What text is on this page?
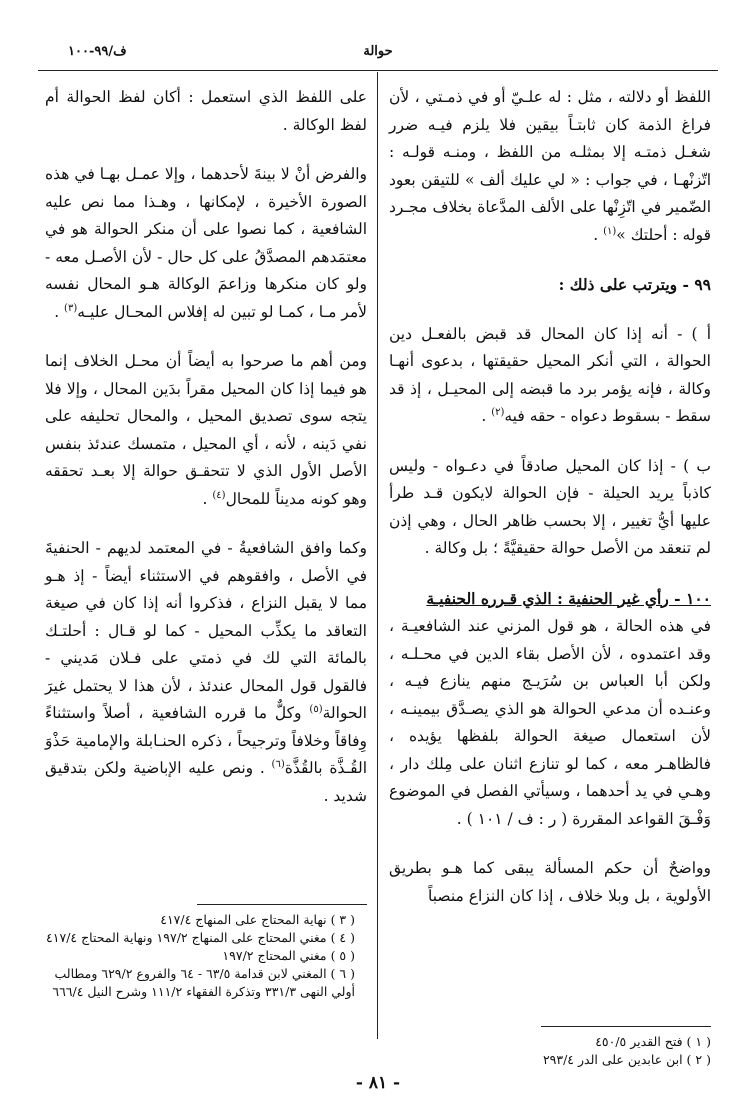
حوالة
ف/٩٩-١٠٠

اللفظ أو دلالته ، مثل : له علـيّ أو في ذمـتي ، لأن فراغ الذمة كان ثابتـاً بيقين فلا يلزم فيـه ضرر شغـل ذمتـه إلا بمثلـه من اللفظ ، ومنـه قولـه : اتّزنْهـا ، في جواب : « لي عليك ألف » للتيقن بعود الضّمير في اتّزِنْها على الألف المدَّعاة بخلاف مجـرد قوله : أحلتك »$^{(١)}$ .

٩٩ - ويترتب على ذلك :

أ ) - أنه إذا كان المحال قد قبض بالفعـل دين الحوالة ، التي أنكر المحيل حقيقتها ، بدعوى أنهـا وكالة ، فإنه يؤمر برد ما قبضه إلى المحيـل ، إذ قد سقط - بسقوط دعواه - حقه فيه$^{(٢)}$ .

ب ) - إذا كان المحيل صادقاً في دعـواه - وليس كاذباً يريد الحيلة - فإن الحوالة لايكون قـد طرأ عليها أيُّ تغيير ، إلا بحسب ظاهر الحال ، وهي إذن لم تنعقد من الأصل حوالة حقيقيَّةً ؛ بل وكالة .

١٠٠ - رأي غير الحنفية : الذي قـرره الحنفيـة

في هذه الحالة ، هو قول المزني عند الشافعيـة ، وقد اعتمدوه ، لأن الأصل بقاء الدين في محـلـه ، ولكن أبا العباس بن سُرَيـج منهم ينازع فيـه ، وعنـده أن مدعي الحوالة هو الذي يصـدَّق بيمينـه ، لأن استعمال صيغة الحوالة بلفظها يؤيده ، فالظاهـر معه ، كما لو تنازع اثنان على مِلك دار ، وهـي في يد أحدهما ، وسيأتي الفصل في الموضوع وَفْـقَ القواعد المقررة ( ر : ف / ١٠١ ) .

وواضحٌ أن حكم المسألة يبقى كما هـو بطريق الأولوية ، بل وبلا خلاف ، إذا كان النزاع منصباً

على اللفظ الذي استعمل : أكان لفظ الحوالة أم لفظ الوكالة .

والفرض أنْ لا بينةَ لأحدهما ، وإلا عمـل بهـا في هذه الصورة الأخيرة ، لإمكانها ، وهـذا مما نص عليه الشافعية ، كما نصوا على أن منكر الحوالة هو في معتمَدهم المصدَّقُ على كل حال - لأن الأصـل معه - ولو كان منكرها وزاعمَ الوكالة هـو المحال نفسه لأمر مـا ، كمـا لو تبين له إفلاس المحـال عليـه$^{(٣)}$ .

ومن أهم ما صرحوا به أيضاً أن محـل الخلاف إنما هو فيما إذا كان المحيل مقراً بدَين المحال ، وإلا فلا يتجه سوى تصديق المحيل ، والمحال تحليفه على نفي دَينه ، لأنه ، أي المحيل ، متمسك عندئذ بنفس الأصل الأول الذي لا تتحقـق حوالة إلا بعـد تحققه وهو كونه مديناً للمحال$^{(٤)}$ .

وكما وافق الشافعيةُ - في المعتمد لديهم - الحنفيةَ في الأصل ، وافقوهم في الاستثناء أيضاً - إذ هـو مما لا يقبل النزاع ، فذكروا أنه إذا كان في صيغة التعاقد ما يكذِّب المحيل - كما لو قـال : أحلتـك بالمائة التي لك في ذمتي على فـلان مَديني - فالقول قول المحال عندئذ ، لأن هذا لا يحتمل غيرَ الحوالة$^{(٥)}$ وكلٌّ ما قرره الشافعية ، أصلاً واستثناءً وِفاقاً وخلافاً وترجيحاً ، ذكره الحنـابلة والإمامية حَذْوَ القُـذَّة بالقُذَّة$^{(٦)}$ . ونص عليه الإباضية ولكن بتدقيق شديد .

( ٣ ) نهاية المحتاج على المنهاج ٤١٧/٤
( ٤ ) مغني المحتاج على المنهاج ١٩٧/٢ ونهاية المحتاج ٤١٧/٤
( ٥ ) مغني المحتاج ١٩٧/٢
( ٦ ) المغني لابن قدامة ٦٣/٥ - ٦٤ والفروع ٦٢٩/٢ ومطالب أولي النهى ٣٣١/٣ وتذكرة الفقهاء ١١١/٢ وشرح النيل ٦٦٦/٤
( ١ ) فتح القدير ٤٥٠/٥
( ٢ ) ابن عابدين على الدر ٢٩٣/٤
- ٨١ -
